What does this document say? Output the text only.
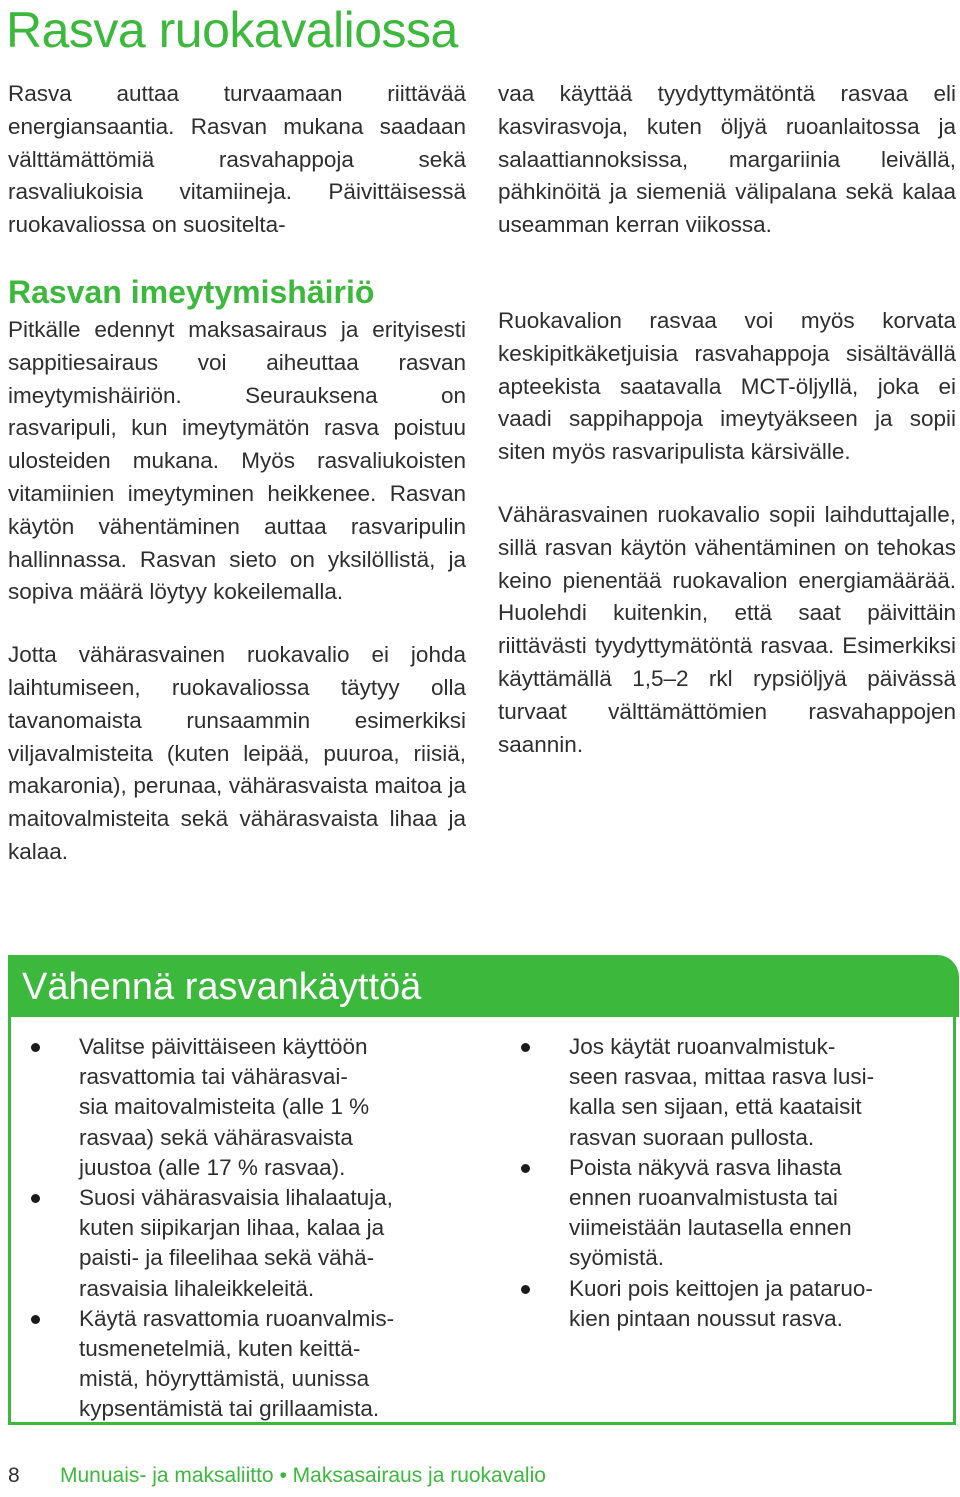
Rasva ruokavaliossa

Rasva auttaa turvaamaan riittävää energiansaantia. Rasvan mukana saadaan välttämättömiä rasvahappoja sekä rasvaliukoisia vitamiineja. Päivittäisessä ruokavaliossa on suositelta-

Rasvan imeytymishäiriö

Pitkälle edennyt maksasairaus ja erityisesti sappitiesairaus voi aiheuttaa rasvan imeytymishäiriön. Seurauksena on rasvaripuli, kun imeytymätön rasva poistuu ulosteiden mukana. Myös rasvaliukoisten vitamiinien imeytyminen heikkenee. Rasvan käytön vähentäminen auttaa rasvaripulin hallinnassa. Rasvan sieto on yksilöllistä, ja sopiva määrä löytyy kokeilemalla.

Jotta vähärasvainen ruokavalio ei johda laihtumiseen, ruokavaliossa täytyy olla tavanomaista runsaammin esimerkiksi viljavalmisteita (kuten leipää, puuroa, riisiä, makaronia), perunaa, vähärasvaista maitoa ja maitovalmisteita sekä vähärasvaista lihaa ja kalaa.

vaa käyttää tyydyttymätöntä rasvaa eli kasvirasvoja, kuten öljyä ruoanlaitossa ja salaattiannoksissa, margariinia leivällä, pähkinöitä ja siemeniä välipalana sekä kalaa useamman kerran viikossa.

Ruokavalion rasvaa voi myös korvata keskipitkäketjuisia rasvahappoja sisältävällä apteekista saatavalla MCT-öljyllä, joka ei vaadi sappihappoja imeytyäkseen ja sopii siten myös rasvaripulista kärsivälle.

Vähärasvainen ruokavalio sopii laihduttajalle, sillä rasvan käytön vähentäminen on tehokas keino pienentää ruokavalion energiamäärää. Huolehdi kuitenkin, että saat päivittäin riittävästi tyydyttymätöntä rasvaa. Esimerkiksi käyttämällä 1,5–2 rkl rypsiöljyä päivässä turvaat välttämättömien rasvahappojen saannin.

Vähennä rasvankäyttöä
Valitse päivittäiseen käyttöön
rasvattomia tai vähärasvai-
sia maitovalmisteita (alle 1 %
rasvaa) sekä vähärasvaista
juustoa (alle 17 % rasvaa).
Suosi vähärasvaisia lihalaatuja,
kuten siipikarjan lihaa, kalaa ja
paisti- ja fileelihaa sekä vähä-
rasvaisia lihaleikkeleitä.
Käytä rasvattomia ruoanvalmis-
tusmenetelmiä, kuten keittä-
mistä, höyryttämistä, uunissa
kypsentämistä tai grillaamista.
Jos käytät ruoanvalmistuk-
seen rasvaa, mittaa rasva lusi-
kalla sen sijaan, että kaataisit
rasvan suoraan pullosta.
Poista näkyvä rasva lihasta
ennen ruoanvalmistusta tai
viimeistään lautasella ennen
syömistä.
Kuori pois keittojen ja pataruo-
kien pintaan noussut rasva.
8 Munuais- ja maksaliitto • Maksasairaus ja ruokavalio
